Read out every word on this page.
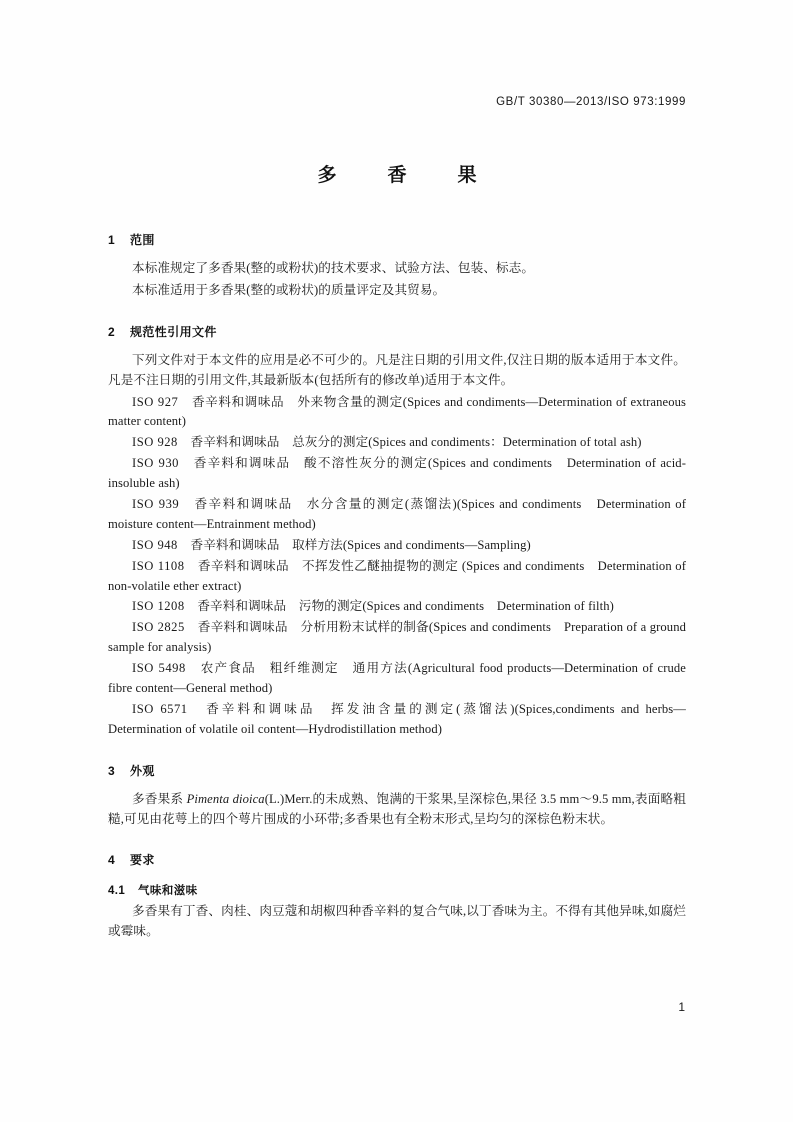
GB/T 30380—2013/ISO 973:1999
多　香　果
1 范围

本标准规定了多香果(整的或粉状)的技术要求、试验方法、包装、标志。

本标准适用于多香果(整的或粉状)的质量评定及其贸易。

2 规范性引用文件

下列文件对于本文件的应用是必不可少的。凡是注日期的引用文件,仅注日期的版本适用于本文件。凡是不注日期的引用文件,其最新版本(包括所有的修改单)适用于本文件。

ISO 927　 香辛料和调味品　外来物含量的测定(Spices and condiments—Determination of extraneous matter content)

ISO 928　 香辛料和调味品　总灰分的测定(Spices and condiments：Determination of total ash)

ISO 930　 香辛料和调味品　酸不溶性灰分的测定(Spices and condiments　Determination of acid-insoluble ash)

ISO 939　 香辛料和调味品　水分含量的测定(蒸馏法)(Spices and condiments　Determination of moisture content—Entrainment method)

ISO 948　 香辛料和调味品　取样方法(Spices and condiments—Sampling)

ISO 1108　 香辛料和调味品　不挥发性乙醚抽提物的测定 (Spices and condiments　Determination of non-volatile ether extract)

ISO 1208　 香辛料和调味品　污物的测定(Spices and condiments　Determination of filth)

ISO 2825　 香辛料和调味品　分析用粉末试样的制备(Spices and condiments　Preparation of a ground sample for analysis)

ISO 5498　 农产食品　粗纤维测定　通用方法(Agricultural food products—Determination of crude fibre content—General method)

ISO 6571　 香辛料和调味品　挥发油含量的测定(蒸馏法)(Spices,condiments and herbs—Determination of volatile oil content—Hydrodistillation method)

3 外观

多香果系 Pimenta dioica(L.)Merr.的未成熟、饱满的干浆果,呈深棕色,果径 3.5 mm～9.5 mm,表面略粗糙,可见由花萼上的四个萼片围成的小环带;多香果也有全粉末形式,呈均匀的深棕色粉末状。

4 要求
4.1 气味和滋味

多香果有丁香、肉桂、肉豆蔻和胡椒四种香辛料的复合气味,以丁香味为主。不得有其他异味,如腐烂或霉味。

1
